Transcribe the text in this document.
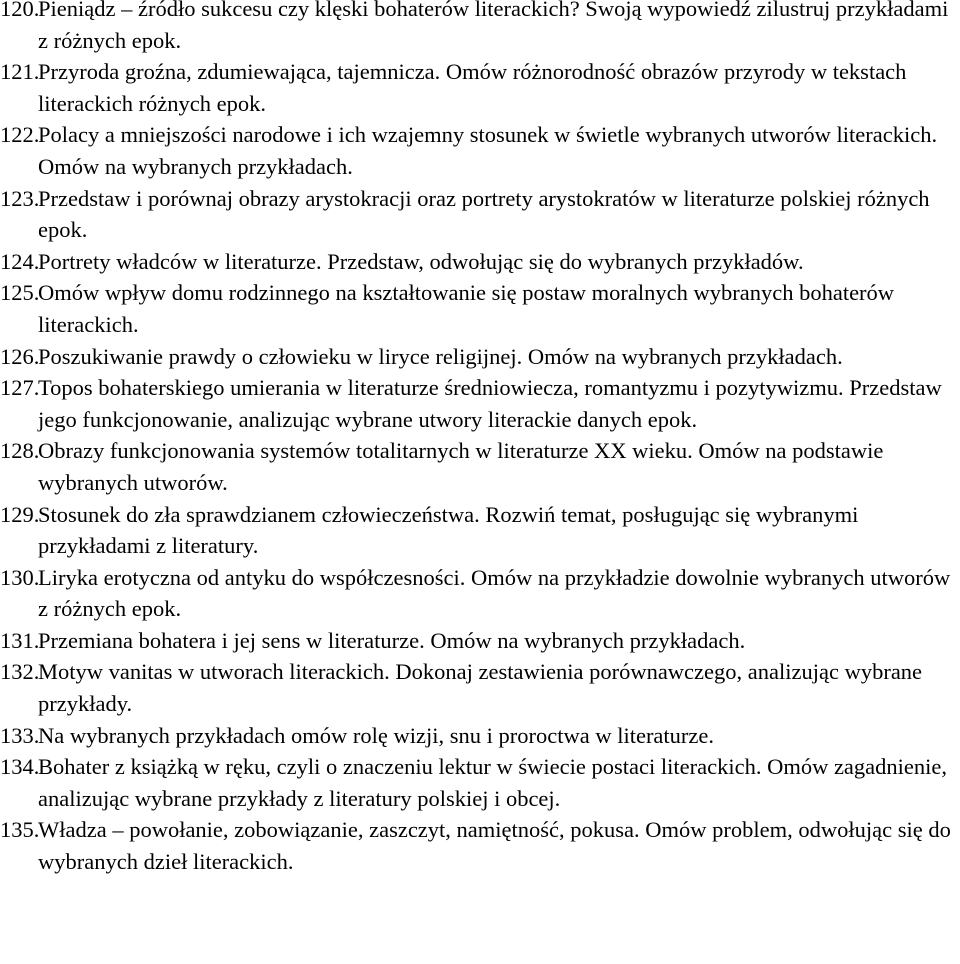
120.
Pieniądz – źródło sukcesu czy klęski bohaterów literackich? Swoją wypowiedź zilustruj przykładami z różnych epok.
121.
Przyroda groźna, zdumiewająca, tajemnicza. Omów różnorodność obrazów przyrody w tekstach literackich różnych epok.
122.
Polacy a mniejszości narodowe i ich wzajemny stosunek w świetle wybranych utworów literackich. Omów na wybranych przykładach.
123.
Przedstaw i porównaj obrazy arystokracji oraz portrety arystokratów w literaturze polskiej różnych epok.
124.
Portrety władców w literaturze. Przedstaw, odwołując się do wybranych przykładów.
125.
Omów wpływ domu rodzinnego na kształtowanie się postaw moralnych wybranych bohaterów literackich.
126.
Poszukiwanie prawdy o człowieku w liryce religijnej. Omów na wybranych przykładach.
127.
Topos bohaterskiego umierania w literaturze średniowiecza, romantyzmu i pozytywizmu. Przedstaw jego funkcjonowanie, analizując wybrane utwory literackie danych epok.
128.
Obrazy funkcjonowania systemów totalitarnych w literaturze XX wieku. Omów na podstawie wybranych utworów.
129.
Stosunek do zła sprawdzianem człowieczeństwa. Rozwiń temat, posługując się wybranymi przykładami z literatury.
130.
Liryka erotyczna od antyku do współczesności. Omów na przykładzie dowolnie wybranych utworów z różnych epok.
131.
Przemiana bohatera i jej sens w literaturze. Omów na wybranych przykładach.
132.
Motyw vanitas w utworach literackich. Dokonaj zestawienia porównawczego, analizując wybrane przykłady.
133.
Na wybranych przykładach omów rolę wizji, snu i proroctwa w literaturze.
134.
Bohater z książką w ręku, czyli o znaczeniu lektur w świecie postaci literackich. Omów zagadnienie, analizując wybrane przykłady z literatury polskiej i obcej.
135.
Władza – powołanie, zobowiązanie, zaszczyt, namiętność, pokusa. Omów problem, odwołując się do wybranych dzieł literackich.
